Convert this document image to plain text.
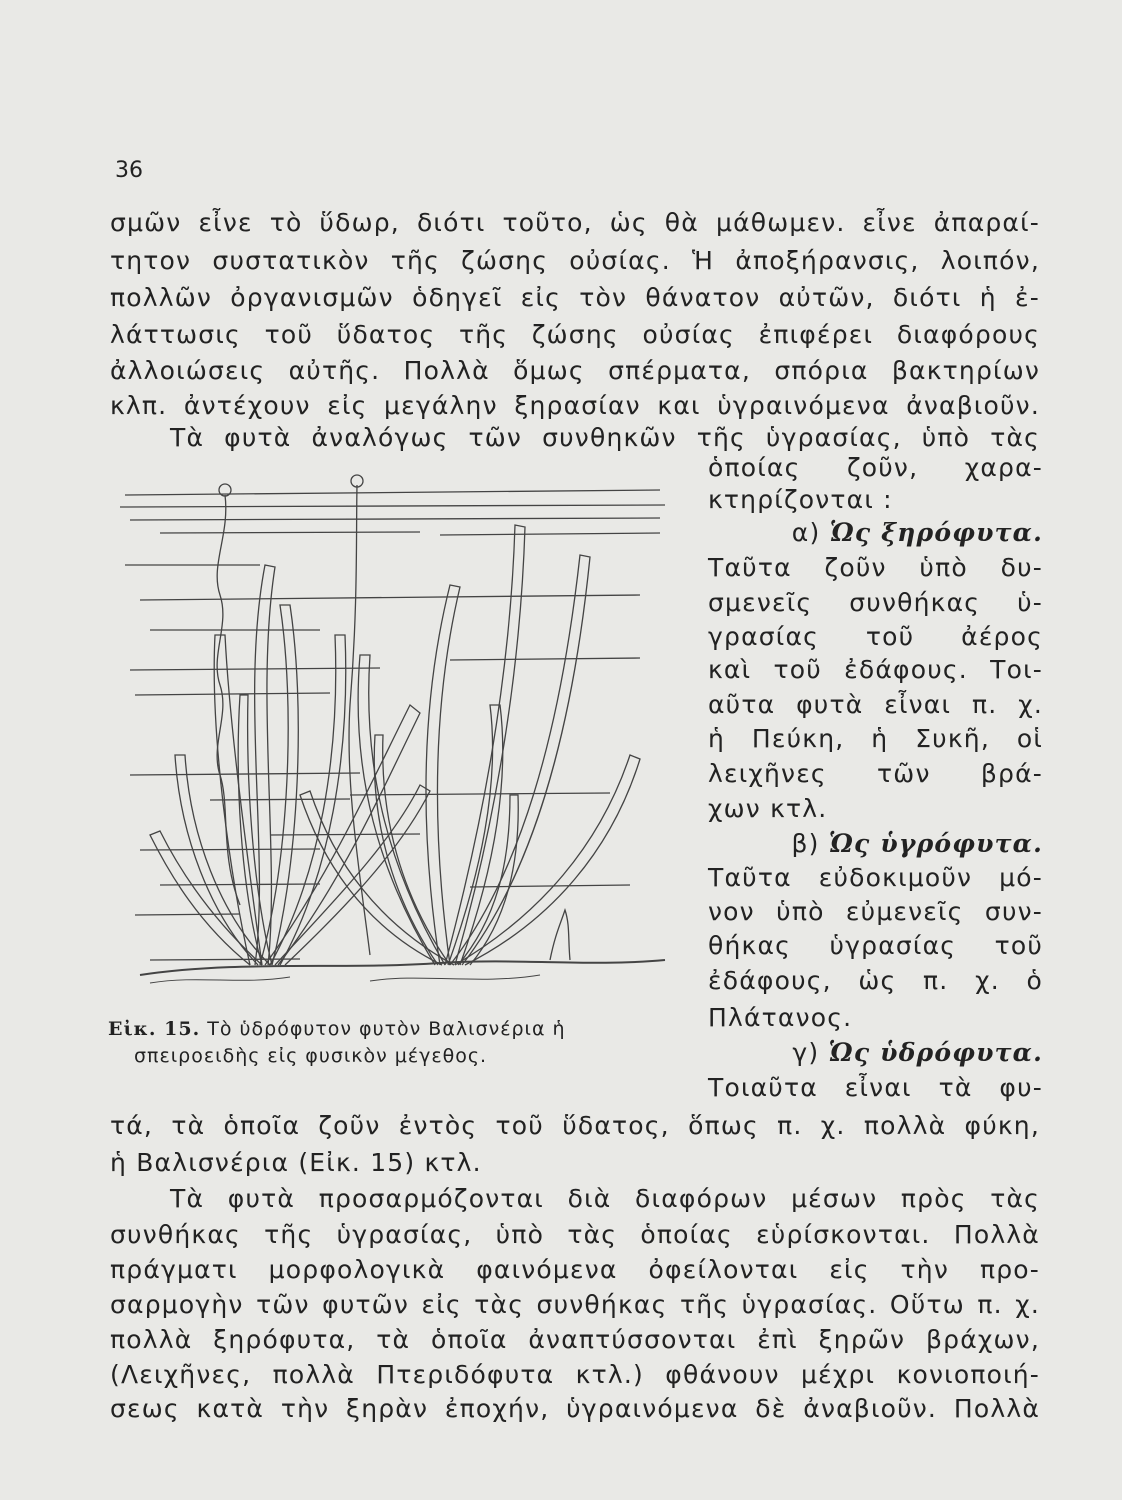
36
σμῶν εἶνε τὸ ὕδωρ, διότι τοῦτο, ὡς θὰ μάθωμεν. εἶνε ἀπαραί-
τητον συστατικὸν τῆς ζώσης οὐσίας. Ἡ ἀποξήρανσις, λοιπόν,
πολλῶν ὀργανισμῶν ὁδηγεῖ εἰς τὸν θάνατον αὐτῶν, διότι ἡ ἐ-
λάττωσις τοῦ ὕδατος τῆς ζώσης οὐσίας ἐπιφέρει διαφόρους
ἀλλοιώσεις αὐτῆς. Πολλὰ ὅμως σπέρματα, σπόρια βακτηρίων
κλπ. ἀντέχουν εἰς μεγάλην ξηρασίαν και ὑγραινόμενα ἀναβιοῦν.
Τὰ φυτὰ ἀναλόγως τῶν συνθηκῶν τῆς ὑγρασίας, ὑπὸ τὰς
ὁποίας ζοῦν, χαρα-
κτηρίζονται :
α) Ὡς ξηρόφυτα.
Ταῦτα ζοῦν ὑπὸ δυ-
σμενεῖς συνθήκας ὑ-
γρασίας τοῦ ἀέρος
καὶ τοῦ ἐδάφους. Τοι-
αῦτα φυτὰ εἶναι π. χ.
ἡ Πεύκη, ἡ Συκῆ, οἱ
λειχῆνες τῶν βρά-
χων κτλ.
β) Ὡς ὑγρόφυτα.
Ταῦτα εὐδοκιμοῦν μό-
νον ὑπὸ εὐμενεῖς συν-
θήκας ὑγρασίας τοῦ
ἐδάφους, ὡς π. χ. ὁ
Πλάτανος.
γ) Ὡς ὑδρόφυτα.
Τοιαῦτα εἶναι τὰ φυ-
Εἰκ. 15. Τὸ ὑδρόφυτον φυτὸν Βαλισνέρια ἡ
σπειροειδὴς εἰς φυσικὸν μέγεθος.
τά, τὰ ὁποῖα ζοῦν ἐντὸς τοῦ ὕδατος, ὅπως π. χ. πολλὰ φύκη,
ἡ Βαλισνέρια (Εἰκ. 15) κτλ.
Τὰ φυτὰ προσαρμόζονται διὰ διαφόρων μέσων πρὸς τὰς
συνθήκας τῆς ὑγρασίας, ὑπὸ τὰς ὁποίας εὑρίσκονται. Πολλὰ
πράγματι μορφολογικὰ φαινόμενα ὀφείλονται εἰς τὴν προ-
σαρμογὴν τῶν φυτῶν εἰς τὰς συνθήκας τῆς ὑγρασίας. Οὕτω π. χ.
πολλὰ ξηρόφυτα, τὰ ὁποῖα ἀναπτύσσονται ἐπὶ ξηρῶν βράχων,
(Λειχῆνες, πολλὰ Πτεριδόφυτα κτλ.) φθάνουν μέχρι κονιοποιή-
σεως κατὰ τὴν ξηρὰν ἐποχήν, ὑγραινόμενα δὲ ἀναβιοῦν. Πολλὰ
